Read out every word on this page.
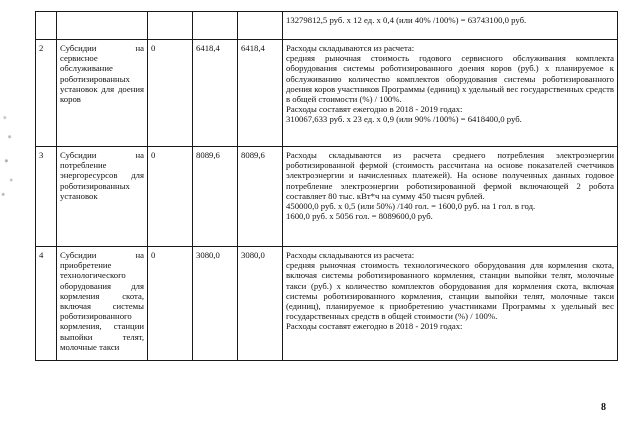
					13279812,5 руб. х 12 ед. х 0,4 (или 40% /100%) = 63743100,0 руб.

2	Субсидии на сервисное обслуживание роботизированных установок для доения коров	0	6418,4	6418,4	Расходы складываются из расчета:
средняя рыночная стоимость годового сервисного обслуживания комплекта оборудования системы роботизированного доения коров (руб.) х планируемое к обслуживанию количество комплектов оборудования системы роботизированного доения коров участников Программы (единиц) х удельный вес государственных средств в общей стоимости (%) / 100%.
Расходы составят ежегодно в 2018 - 2019 годах:
310067,633 руб. х 23 ед. х 0,9 (или 90% /100%) = 6418400,0 руб.

3	Субсидии на потребление энергоресурсов для роботизированных установок	0	8089,6	8089,6	Расходы складываются из расчета среднего потребления электроэнергии роботизированной фермой (стоимость рассчитана на основе показателей счетчиков электроэнергии и начисленных платежей). На основе полученных данных годовое потребление электроэнергии роботизированной фермой включающей 2 робота составляет 80 тыс. кВт*ч на сумму 450 тысяч рублей.
450000,0 руб. х 0,5 (или 50%) /140 гол. = 1600,0 руб. на 1 гол. в год.
1600,0 руб. х 5056 гол. = 8089600,0 руб.

4	Субсидии на приобретение технологического оборудования для кормления скота, включая системы роботизированного кормления, станции выпойки телят, молочные такси	0	3080,0	3080,0	Расходы складываются из расчета:
средняя рыночная стоимость технологического оборудования для кормления скота, включая системы роботизированного кормления, станции выпойки телят, молочные такси (руб.) х количество комплектов оборудования для кормления скота, включая системы роботизированного кормления, станции выпойки телят, молочные такси (единиц), планируемое к приобретению участниками Программы х удельный вес государственных средств в общей стоимости (%) / 100%.
Расходы составят ежегодно в 2018 - 2019 годах:
8
